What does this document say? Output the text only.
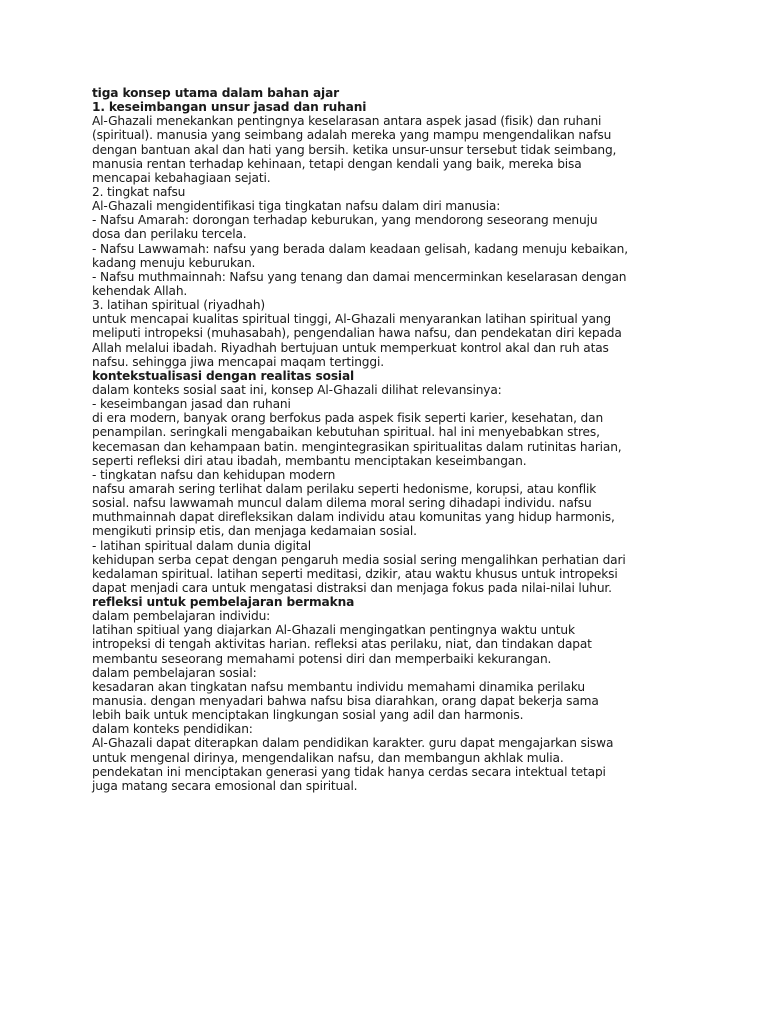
tiga konsep utama dalam bahan ajar
1. keseimbangan unsur jasad dan ruhani
Al-Ghazali menekankan pentingnya keselarasan antara aspek jasad (fisik) dan ruhani
(spiritual). manusia yang seimbang adalah mereka yang mampu mengendalikan nafsu
dengan bantuan akal dan hati yang bersih. ketika unsur-unsur tersebut tidak seimbang,
manusia rentan terhadap kehinaan, tetapi dengan kendali yang baik, mereka bisa
mencapai kebahagiaan sejati.
2. tingkat nafsu
Al-Ghazali mengidentifikasi tiga tingkatan nafsu dalam diri manusia:
- Nafsu Amarah: dorongan terhadap keburukan, yang mendorong seseorang menuju
dosa dan perilaku tercela.
- Nafsu Lawwamah: nafsu yang berada dalam keadaan gelisah, kadang menuju kebaikan,
kadang menuju keburukan.
- Nafsu muthmainnah: Nafsu yang tenang dan damai mencerminkan keselarasan dengan
kehendak Allah.
3. latihan spiritual (riyadhah)
untuk mencapai kualitas spiritual tinggi, Al-Ghazali menyarankan latihan spiritual yang
meliputi intropeksi (muhasabah), pengendalian hawa nafsu, dan pendekatan diri kepada
Allah melalui ibadah. Riyadhah bertujuan untuk memperkuat kontrol akal dan ruh atas
nafsu. sehingga jiwa mencapai maqam tertinggi.
kontekstualisasi dengan realitas sosial
dalam konteks sosial saat ini, konsep Al-Ghazali dilihat relevansinya:
- keseimbangan jasad dan ruhani
di era modern, banyak orang berfokus pada aspek fisik seperti karier, kesehatan, dan
penampilan. seringkali mengabaikan kebutuhan spiritual. hal ini menyebabkan stres,
kecemasan dan kehampaan batin. mengintegrasikan spiritualitas dalam rutinitas harian,
seperti refleksi diri atau ibadah, membantu menciptakan keseimbangan.
- tingkatan nafsu dan kehidupan modern
nafsu amarah sering terlihat dalam perilaku seperti hedonisme, korupsi, atau konflik
sosial. nafsu lawwamah muncul dalam dilema moral sering dihadapi individu. nafsu
muthmainnah dapat direfleksikan dalam individu atau komunitas yang hidup harmonis,
mengikuti prinsip etis, dan menjaga kedamaian sosial.
- latihan spiritual dalam dunia digital
kehidupan serba cepat dengan pengaruh media sosial sering mengalihkan perhatian dari
kedalaman spiritual. latihan seperti meditasi, dzikir, atau waktu khusus untuk intropeksi
dapat menjadi cara untuk mengatasi distraksi dan menjaga fokus pada nilai-nilai luhur.
refleksi untuk pembelajaran bermakna
dalam pembelajaran individu:
latihan spitiual yang diajarkan Al-Ghazali mengingatkan pentingnya waktu untuk
intropeksi di tengah aktivitas harian. refleksi atas perilaku, niat, dan tindakan dapat
membantu seseorang memahami potensi diri dan memperbaiki kekurangan.
dalam pembelajaran sosial:
kesadaran akan tingkatan nafsu membantu individu memahami dinamika perilaku
manusia. dengan menyadari bahwa nafsu bisa diarahkan, orang dapat bekerja sama
lebih baik untuk menciptakan lingkungan sosial yang adil dan harmonis.
dalam konteks pendidikan:
Al-Ghazali dapat diterapkan dalam pendidikan karakter. guru dapat mengajarkan siswa
untuk mengenal dirinya, mengendalikan nafsu, dan membangun akhlak mulia.
pendekatan ini menciptakan generasi yang tidak hanya cerdas secara intektual tetapi
juga matang secara emosional dan spiritual.
